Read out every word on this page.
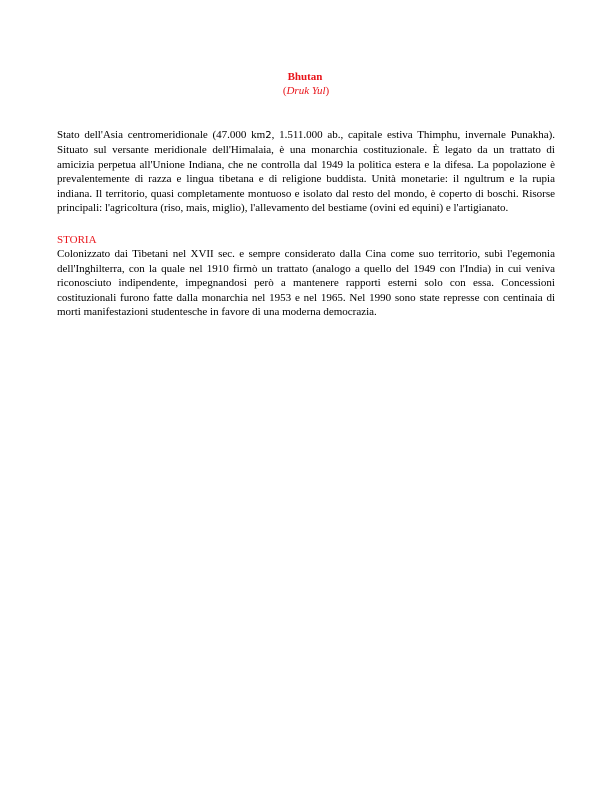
Bhutan
(Druk Yul)

Stato dell'Asia centromeridionale (47.000 km2, 1.511.000 ab., capitale estiva Thimphu, invernale Punakha). Situato sul versante meridionale dell'Himalaia, è una monarchia costituzionale. È legato da un trattato di amicizia perpetua all'Unione Indiana, che ne controlla dal 1949 la politica estera e la difesa. La popolazione è prevalentemente di razza e lingua tibetana e di religione buddista. Unità monetarie: il ngultrum e la rupia indiana. Il territorio, quasi completamente montuoso e isolato dal resto del mondo, è coperto di boschi. Risorse principali: l'agricoltura (riso, mais, miglio), l'allevamento del bestiame (ovini ed equini) e l'artigianato.

STORIA

Colonizzato dai Tibetani nel XVII sec. e sempre considerato dalla Cina come suo territorio, subì l'egemonia dell'Inghilterra, con la quale nel 1910 firmò un trattato (analogo a quello del 1949 con l'India) in cui veniva riconosciuto indipendente, impegnandosi però a mantenere rapporti esterni solo con essa. Concessioni costituzionali furono fatte dalla monarchia nel 1953 e nel 1965. Nel 1990 sono state represse con centinaia di morti manifestazioni studentesche in favore di una moderna democrazia.
